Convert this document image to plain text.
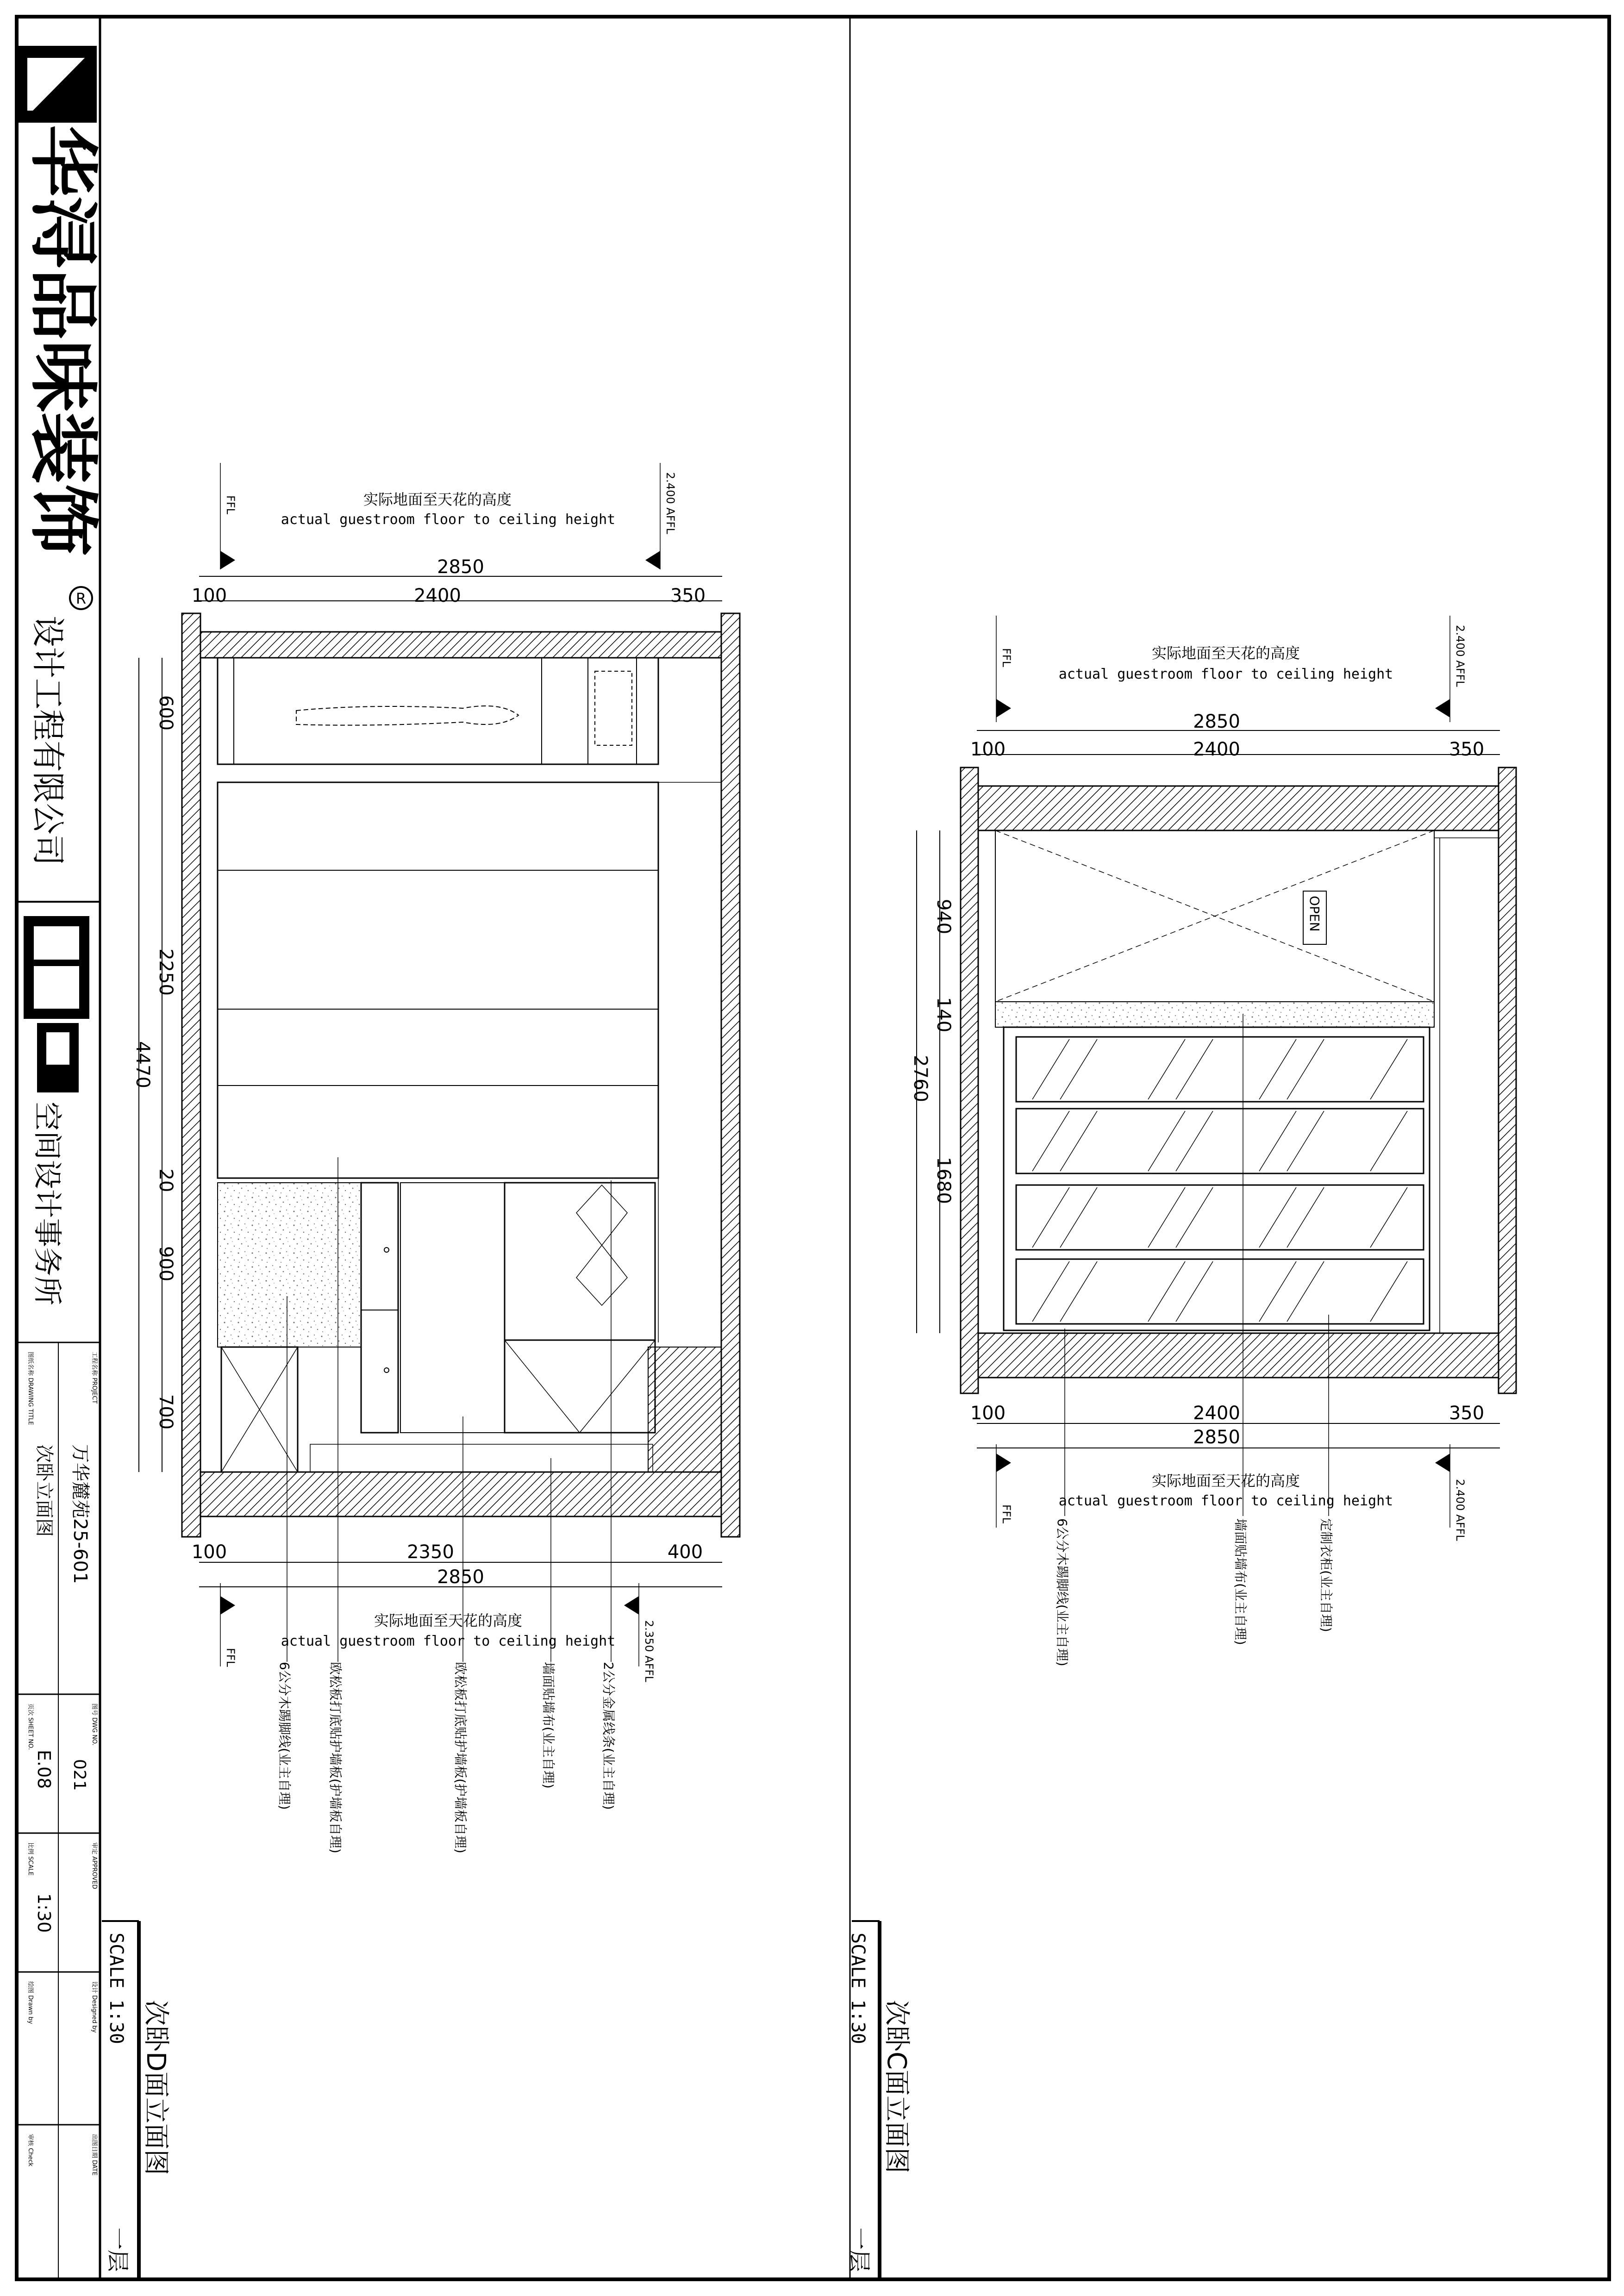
华浔品味装饰
R
设计工程有限公司
空间设计事务所
工程名称 PROJECT
图纸名称 DRAWING TITLE
图号 DWG NO.
页次 SHEET NO.
审定 APPROVED
比例 SCALE
设计 Designed by
绘图 Drawn by
出图日期 DATE
审核 Check
万华麓苑25-601
次卧立面图
021
E.08
1:30
FFL	2.400 AFFL
实际地面至天花的高度
actual guestroom floor to ceiling height
2850
100	2400	350
600
2250
4470
20
900
700
100	2350	400
2850
FFL	2.350 AFFL
实际地面至天花的高度
actual guestroom floor to ceiling height
6公分木踢脚线(业主自理)	欧松板打底贴护墙板(护墙板自理)	欧松板打底贴护墙板(护墙板自理)	墙面贴墙布(业主自理)	2公分金属线条(业主自理)
次卧D面立面图
SCALE 1:30
一层
FFL	2.400 AFFL
实际地面至天花的高度
actual guestroom floor to ceiling height
2850
100	2400	350
OPEN
940
140
2760
1680
100	2400	350
2850
FFL	2.400 AFFL
实际地面至天花的高度
actual guestroom floor to ceiling height
6公分木踢脚线(业主自理)	墙面贴墙布(业主自理)	定制衣柜(业主自理)
次卧C面立面图
SCALE 1:30
一层
